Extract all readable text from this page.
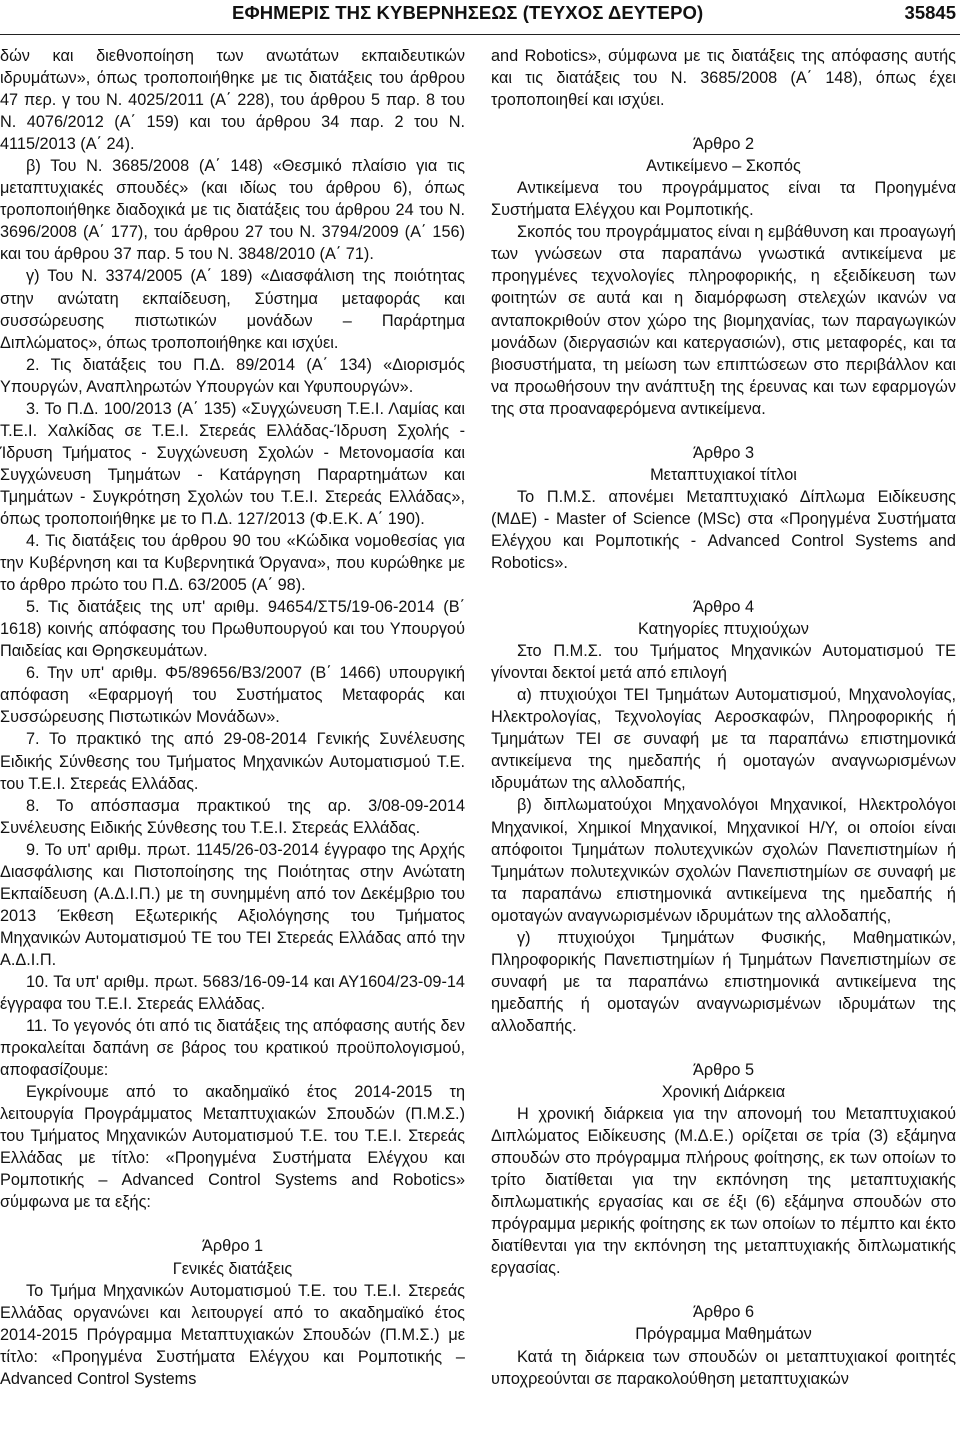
ΕΦΗΜΕΡΙΣ ΤΗΣ ΚΥΒΕΡΝΗΣΕΩΣ (ΤΕΥΧΟΣ ΔΕΥΤΕΡΟ)	35845

δών και διεθνοποίηση των ανωτάτων εκπαιδευτικών ιδρυμάτων», όπως τροποποιήθηκε με τις διατάξεις του άρθρου 47 περ. γ του Ν. 4025/2011 (Α΄ 228), του άρθρου 5 παρ. 8 του Ν. 4076/2012 (Α΄ 159) και του άρθρου 34 παρ. 2 του Ν. 4115/2013 (Α΄ 24).

β) Του Ν. 3685/2008 (Α΄ 148) «Θεσμικό πλαίσιο για τις μεταπτυχιακές σπουδές» (και ιδίως του άρθρου 6), όπως τροποποιήθηκε διαδοχικά με τις διατάξεις του άρθρου 24 του Ν. 3696/2008 (Α΄ 177), του άρθρου 27 του Ν. 3794/2009 (Α΄ 156) και του άρθρου 37 παρ. 5 του Ν. 3848/2010 (Α΄ 71).

γ) Του Ν. 3374/2005 (Α΄ 189) «Διασφάλιση της ποιότητας στην ανώτατη εκπαίδευση, Σύστημα μεταφοράς και συσσώρευσης πιστωτικών μονάδων – Παράρτημα Διπλώματος», όπως τροποποιήθηκε και ισχύει.

2. Τις διατάξεις του Π.Δ. 89/2014 (Α΄ 134) «Διορισμός Υπουργών, Αναπληρωτών Υπουργών και Υφυπουργών».

3. Το Π.Δ. 100/2013 (Α΄ 135) «Συγχώνευση Τ.Ε.Ι. Λαμίας και Τ.Ε.Ι. Χαλκίδας σε Τ.Ε.Ι. Στερεάς Ελλάδας-Ίδρυση Σχολής - Ίδρυση Τμήματος - Συγχώνευση Σχολών - Μετονομασία και Συγχώνευση Τμημάτων - Κατάργηση Παραρτημάτων και Τμημάτων - Συγκρότηση Σχολών του Τ.Ε.Ι. Στερεάς Ελλάδας», όπως τροποποιήθηκε με το Π.Δ. 127/2013 (Φ.Ε.Κ. Α΄ 190).

4. Τις διατάξεις του άρθρου 90 του «Κώδικα νομοθεσίας για την Κυβέρνηση και τα Κυβερνητικά Όργανα», που κυρώθηκε με το άρθρο πρώτο του Π.Δ. 63/2005 (Α΄ 98).

5. Τις διατάξεις της υπ' αριθμ. 94654/ΣΤ5/19-06-2014 (Β΄ 1618) κοινής απόφασης του Πρωθυπουργού και του Υπουργού Παιδείας και Θρησκευμάτων.

6. Την υπ' αριθμ. Φ5/89656/Β3/2007 (Β΄ 1466) υπουργική απόφαση «Εφαρμογή του Συστήματος Μεταφοράς και Συσσώρευσης Πιστωτικών Μονάδων».

7. Το πρακτικό της από 29-08-2014 Γενικής Συνέλευσης Ειδικής Σύνθεσης του Τμήματος Μηχανικών Αυτοματισμού Τ.Ε. του Τ.Ε.Ι. Στερεάς Ελλάδας.

8. Το απόσπασμα πρακτικού της αρ. 3/08-09-2014 Συνέλευσης Ειδικής Σύνθεσης του Τ.Ε.Ι. Στερεάς Ελλάδας.

9. Το υπ' αριθμ. πρωτ. 1145/26-03-2014 έγγραφο της Αρχής Διασφάλισης και Πιστοποίησης της Ποιότητας στην Ανώτατη Εκπαίδευση (Α.Δ.Ι.Π.) με τη συνημμένη από τον Δεκέμβριο του 2013 Έκθεση Εξωτερικής Αξιολόγησης του Τμήματος Μηχανικών Αυτοματισμού ΤΕ του ΤΕΙ Στερεάς Ελλάδας από την Α.Δ.Ι.Π.

10. Τα υπ' αριθμ. πρωτ. 5683/16-09-14 και ΑΥ1604/23-09-14 έγγραφα του Τ.Ε.Ι. Στερεάς Ελλάδας.

11. Το γεγονός ότι από τις διατάξεις της απόφασης αυτής δεν προκαλείται δαπάνη σε βάρος του κρατικού προϋπολογισμού, αποφασίζουμε:

Εγκρίνουμε από το ακαδημαϊκό έτος 2014-2015 τη λειτουργία Προγράμματος Μεταπτυχιακών Σπουδών (Π.Μ.Σ.) του Τμήματος Μηχανικών Αυτοματισμού Τ.Ε. του Τ.Ε.Ι. Στερεάς Ελλάδας με τίτλο: «Προηγμένα Συστήματα Ελέγχου και Ρομποτικής – Advanced Control Systems and Robotics» σύμφωνα με τα εξής:

Άρθρο 1

Γενικές διατάξεις

Το Τμήμα Μηχανικών Αυτοματισμού Τ.Ε. του Τ.Ε.Ι. Στερεάς Ελλάδας οργανώνει και λειτουργεί από το ακαδημαϊκό έτος 2014-2015 Πρόγραμμα Μεταπτυχιακών Σπουδών (Π.Μ.Σ.) με τίτλο: «Προηγμένα Συστήματα Ελέγχου και Ρομποτικής – Advanced Control Systems

and Robotics», σύμφωνα με τις διατάξεις της απόφασης αυτής και τις διατάξεις του Ν. 3685/2008 (Α΄ 148), όπως έχει τροποποιηθεί και ισχύει.

Άρθρο 2

Αντικείμενο – Σκοπός

Αντικείμενα του προγράμματος είναι τα Προηγμένα Συστήματα Ελέγχου και Ρομποτικής.

Σκοπός του προγράμματος είναι η εμβάθυνση και προαγωγή των γνώσεων στα παραπάνω γνωστικά αντικείμενα με προηγμένες τεχνολογίες πληροφορικής, η εξειδίκευση των φοιτητών σε αυτά και η διαμόρφωση στελεχών ικανών να ανταποκριθούν στον χώρο της βιομηχανίας, των παραγωγικών μονάδων (διεργασιών και κατεργασιών), στις μεταφορές, και τα βιοσυστήματα, τη μείωση των επιπτώσεων στο περιβάλλον και να προωθήσουν την ανάπτυξη της έρευνας και των εφαρμογών της στα προαναφερόμενα αντικείμενα.

Άρθρο 3

Μεταπτυχιακοί τίτλοι

Το Π.Μ.Σ. απονέμει Μεταπτυχιακό Δίπλωμα Ειδίκευσης (ΜΔΕ) - Master of Science (MSc) στα «Προηγμένα Συστήματα Ελέγχου και Ρομποτικής - Advanced Control Systems and Robotics».

Άρθρο 4

Κατηγορίες πτυχιούχων

Στο Π.Μ.Σ. του Τμήματος Μηχανικών Αυτοματισμού ΤΕ γίνονται δεκτοί μετά από επιλογή

α) πτυχιούχοι ΤΕΙ Τμημάτων Αυτοματισμού, Μηχανολογίας, Ηλεκτρολογίας, Τεχνολογίας Αεροσκαφών, Πληροφορικής ή Τμημάτων ΤΕΙ σε συναφή με τα παραπάνω επιστημονικά αντικείμενα της ημεδαπής ή ομοταγών αναγνωρισμένων ιδρυμάτων της αλλοδαπής,

β) διπλωματούχοι Μηχανολόγοι Μηχανικοί, Ηλεκτρολόγοι Μηχανικοί, Χημικοί Μηχανικοί, Μηχανικοί Η/Υ, οι οποίοι είναι απόφοιτοι Τμημάτων πολυτεχνικών σχολών Πανεπιστημίων ή Τμημάτων πολυτεχνικών σχολών Πανεπιστημίων σε συναφή με τα παραπάνω επιστημονικά αντικείμενα της ημεδαπής ή ομοταγών αναγνωρισμένων ιδρυμάτων της αλλοδαπής,

γ) πτυχιούχοι Τμημάτων Φυσικής, Μαθηματικών, Πληροφορικής Πανεπιστημίων ή Τμημάτων Πανεπιστημίων σε συναφή με τα παραπάνω επιστημονικά αντικείμενα της ημεδαπής ή ομοταγών αναγνωρισμένων ιδρυμάτων της αλλοδαπής.

Άρθρο 5

Χρονική Διάρκεια

Η χρονική διάρκεια για την απονομή του Μεταπτυχιακού Διπλώματος Ειδίκευσης (Μ.Δ.Ε.) ορίζεται σε τρία (3) εξάμηνα σπουδών στο πρόγραμμα πλήρους φοίτησης, εκ των οποίων το τρίτο διατίθεται για την εκπόνηση της μεταπτυχιακής διπλωματικής εργασίας και σε έξι (6) εξάμηνα σπουδών στο πρόγραμμα μερικής φοίτησης εκ των οποίων το πέμπτο και έκτο διατίθενται για την εκπόνηση της μεταπτυχιακής διπλωματικής εργασίας.

Άρθρο 6

Πρόγραμμα Μαθημάτων

Κατά τη διάρκεια των σπουδών οι μεταπτυχιακοί φοιτητές υποχρεούνται σε παρακολούθηση μεταπτυχιακών
